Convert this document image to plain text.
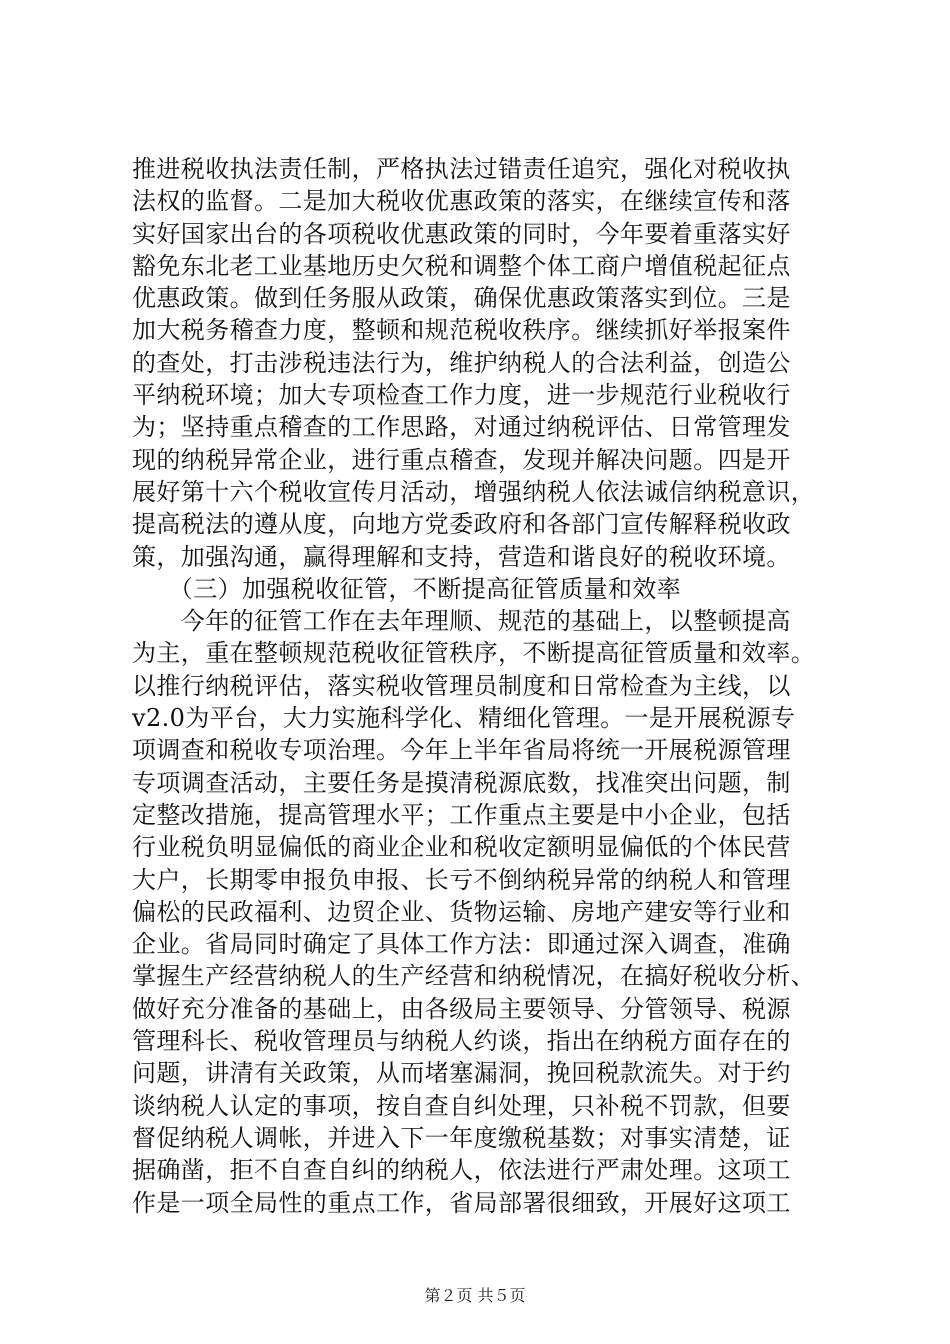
推进税收执法责任制，严格执法过错责任追究，强化对税收执
法权的监督。二是加大税收优惠政策的落实，在继续宣传和落
实好国家出台的各项税收优惠政策的同时，今年要着重落实好
豁免东北老工业基地历史欠税和调整个体工商户增值税起征点
优惠政策。做到任务服从政策，确保优惠政策落实到位。三是
加大税务稽查力度，整顿和规范税收秩序。继续抓好举报案件
的查处，打击涉税违法行为，维护纳税人的合法利益，创造公
平纳税环境；加大专项检查工作力度，进一步规范行业税收行
为；坚持重点稽查的工作思路，对通过纳税评估、日常管理发
现的纳税异常企业，进行重点稽查，发现并解决问题。四是开
展好第十六个税收宣传月活动，增强纳税人依法诚信纳税意识，
提高税法的遵从度，向地方党委政府和各部门宣传解释税收政
策，加强沟通，赢得理解和支持，营造和谐良好的税收环境。
　　（三）加强税收征管，不断提高征管质量和效率
　　今年的征管工作在去年理顺、规范的基础上，以整顿提高
为主，重在整顿规范税收征管秩序，不断提高征管质量和效率。
以推行纳税评估，落实税收管理员制度和日常检查为主线，以
v2.0为平台，大力实施科学化、精细化管理。一是开展税源专
项调查和税收专项治理。今年上半年省局将统一开展税源管理
专项调查活动，主要任务是摸清税源底数，找准突出问题，制
定整改措施，提高管理水平；工作重点主要是中小企业，包括
行业税负明显偏低的商业企业和税收定额明显偏低的个体民营
大户，长期零申报负申报、长亏不倒纳税异常的纳税人和管理
偏松的民政福利、边贸企业、货物运输、房地产建安等行业和
企业。省局同时确定了具体工作方法：即通过深入调查，准确
掌握生产经营纳税人的生产经营和纳税情况，在搞好税收分析、
做好充分准备的基础上，由各级局主要领导、分管领导、税源
管理科长、税收管理员与纳税人约谈，指出在纳税方面存在的
问题，讲清有关政策，从而堵塞漏洞，挽回税款流失。对于约
谈纳税人认定的事项，按自查自纠处理，只补税不罚款，但要
督促纳税人调帐，并进入下一年度缴税基数；对事实清楚，证
据确凿，拒不自查自纠的纳税人，依法进行严肃处理。这项工
作是一项全局性的重点工作，省局部署很细致，开展好这项工
第２页 共５页
